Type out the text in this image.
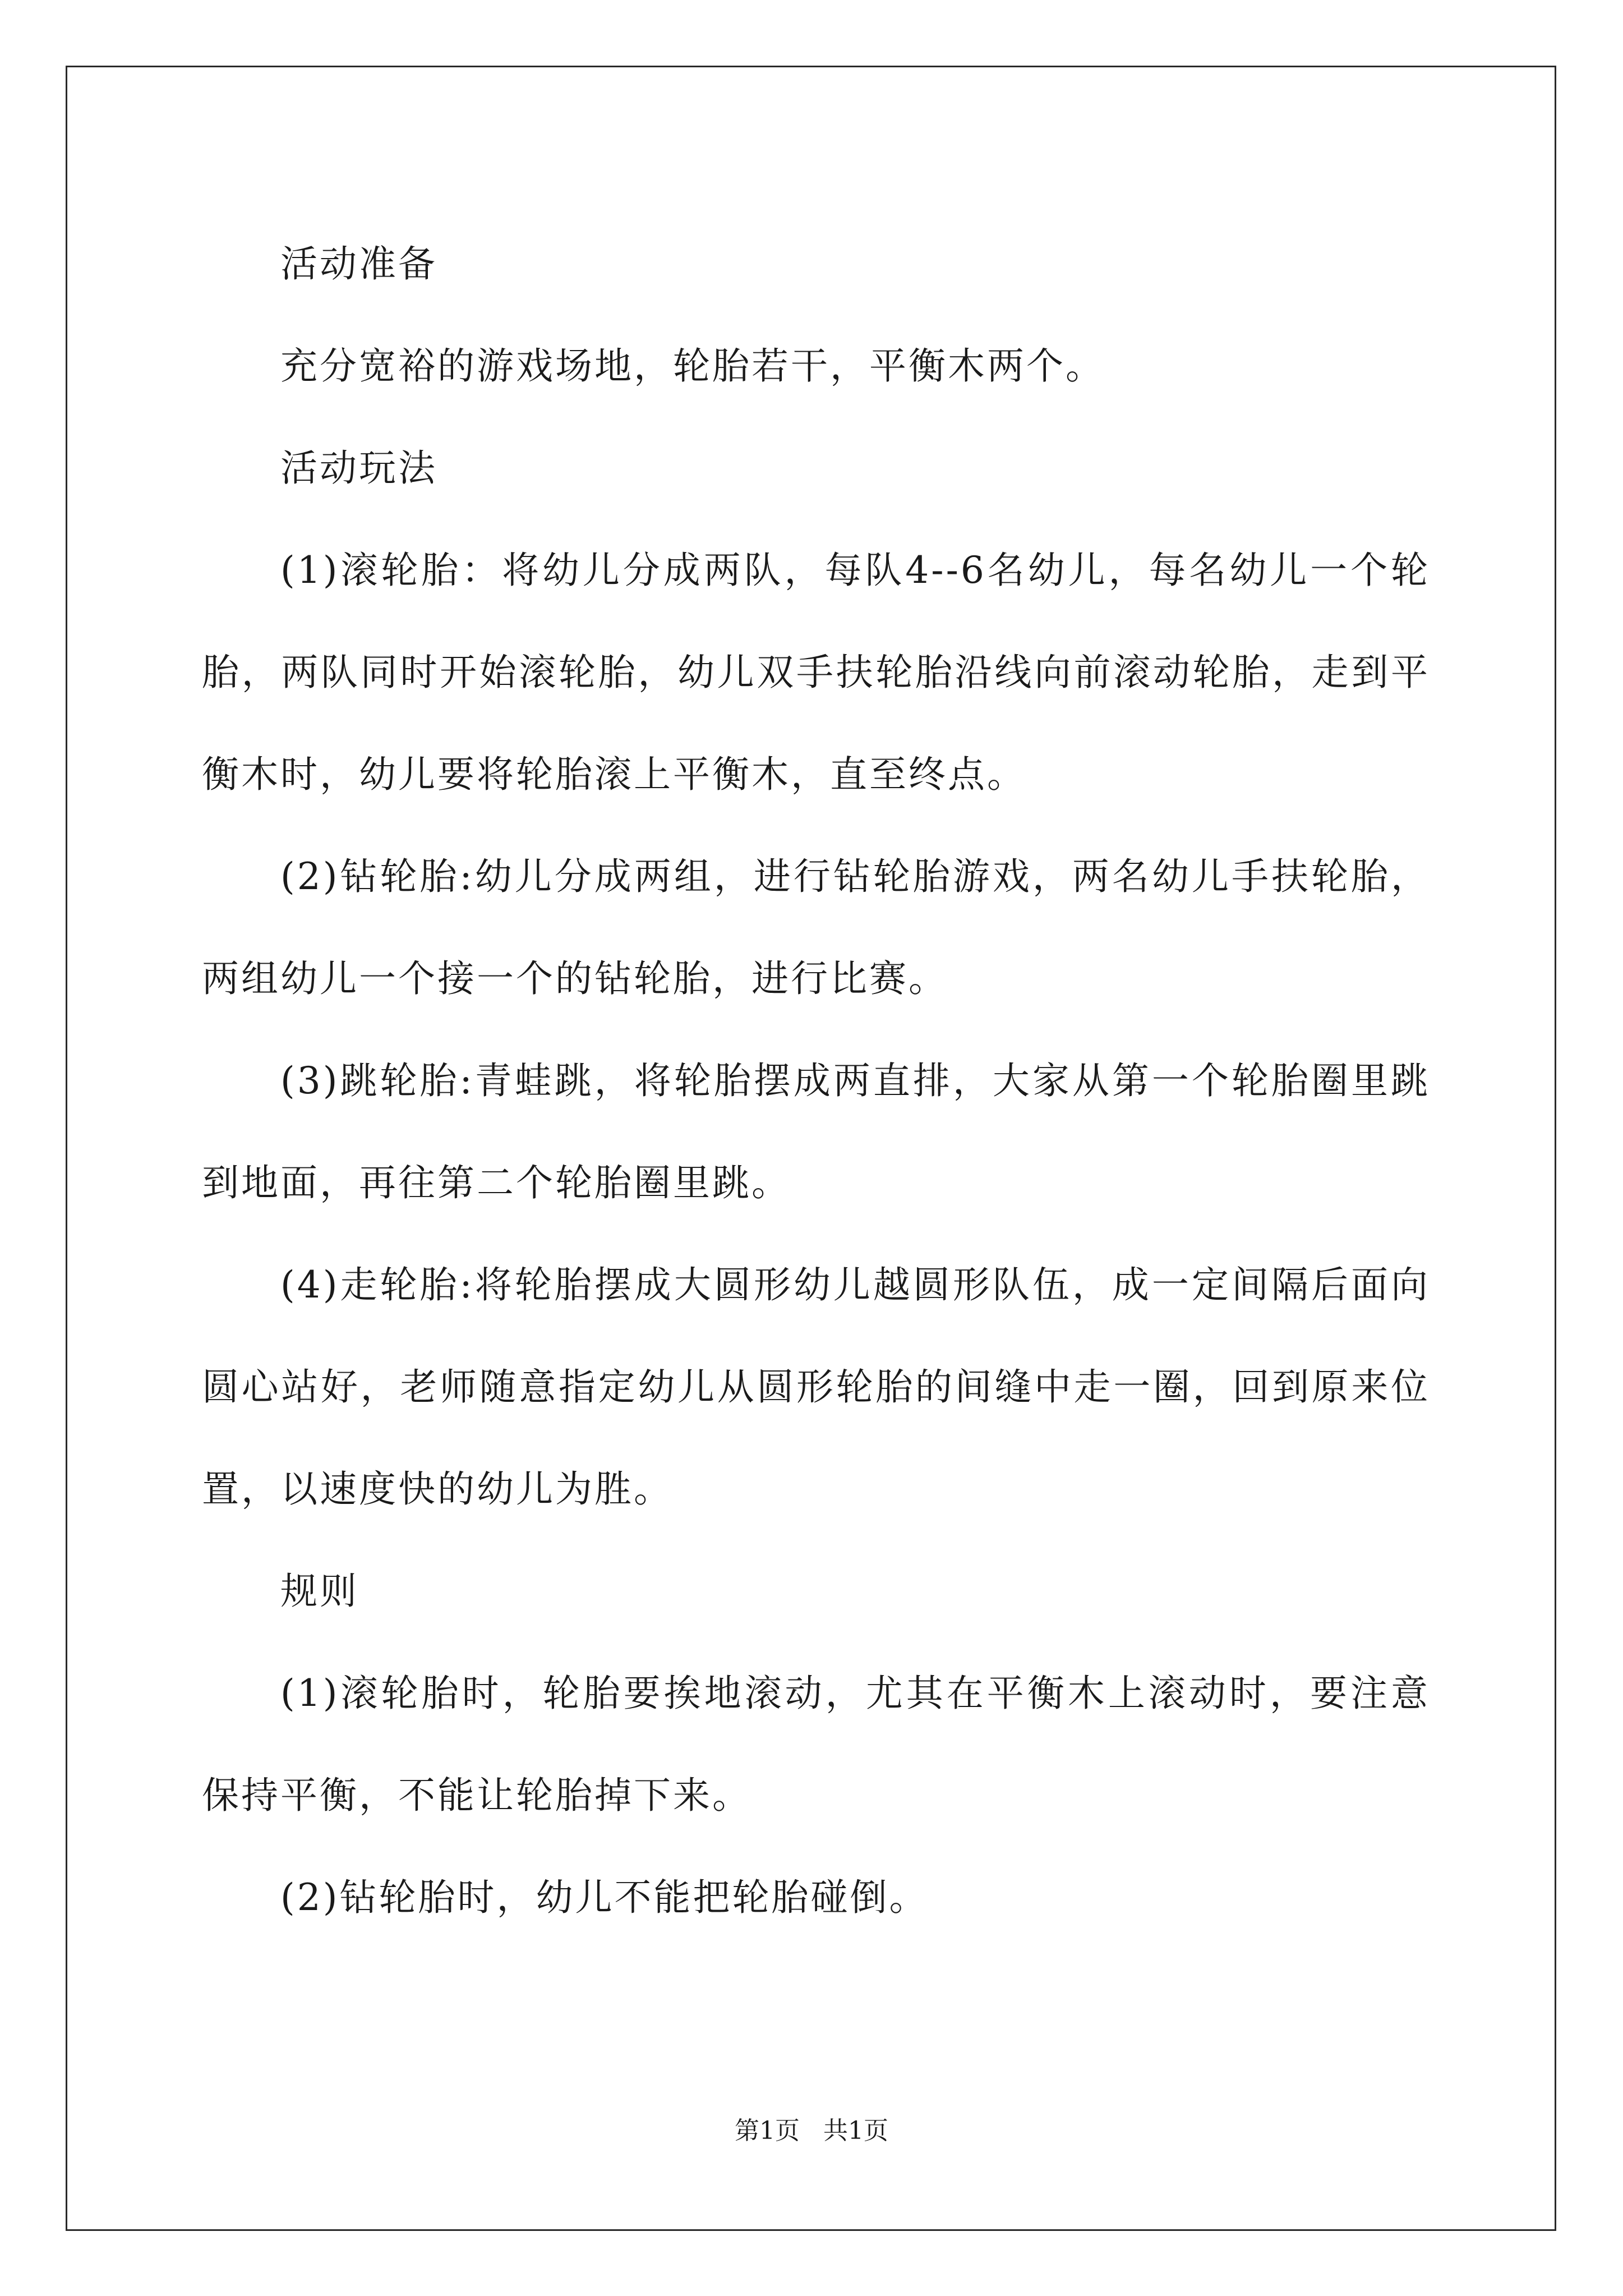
活动准备

充分宽裕的游戏场地，轮胎若干，平衡木两个。

活动玩法

(1)滚轮胎：将幼儿分成两队，每队4--6名幼儿，每名幼儿一个轮胎，两队同时开始滚轮胎，幼儿双手扶轮胎沿线向前滚动轮胎，走到平衡木时，幼儿要将轮胎滚上平衡木，直至终点。

(2)钻轮胎:幼儿分成两组，进行钻轮胎游戏，两名幼儿手扶轮胎，两组幼儿一个接一个的钻轮胎，进行比赛。

(3)跳轮胎:青蛙跳，将轮胎摆成两直排，大家从第一个轮胎圈里跳到地面，再往第二个轮胎圈里跳。

(4)走轮胎:将轮胎摆成大圆形幼儿越圆形队伍，成一定间隔后面向圆心站好，老师随意指定幼儿从圆形轮胎的间缝中走一圈，回到原来位置，以速度快的幼儿为胜。

规则

(1)滚轮胎时，轮胎要挨地滚动，尤其在平衡木上滚动时，要注意保持平衡，不能让轮胎掉下来。

(2)钻轮胎时，幼儿不能把轮胎碰倒。

第1页   共1页
